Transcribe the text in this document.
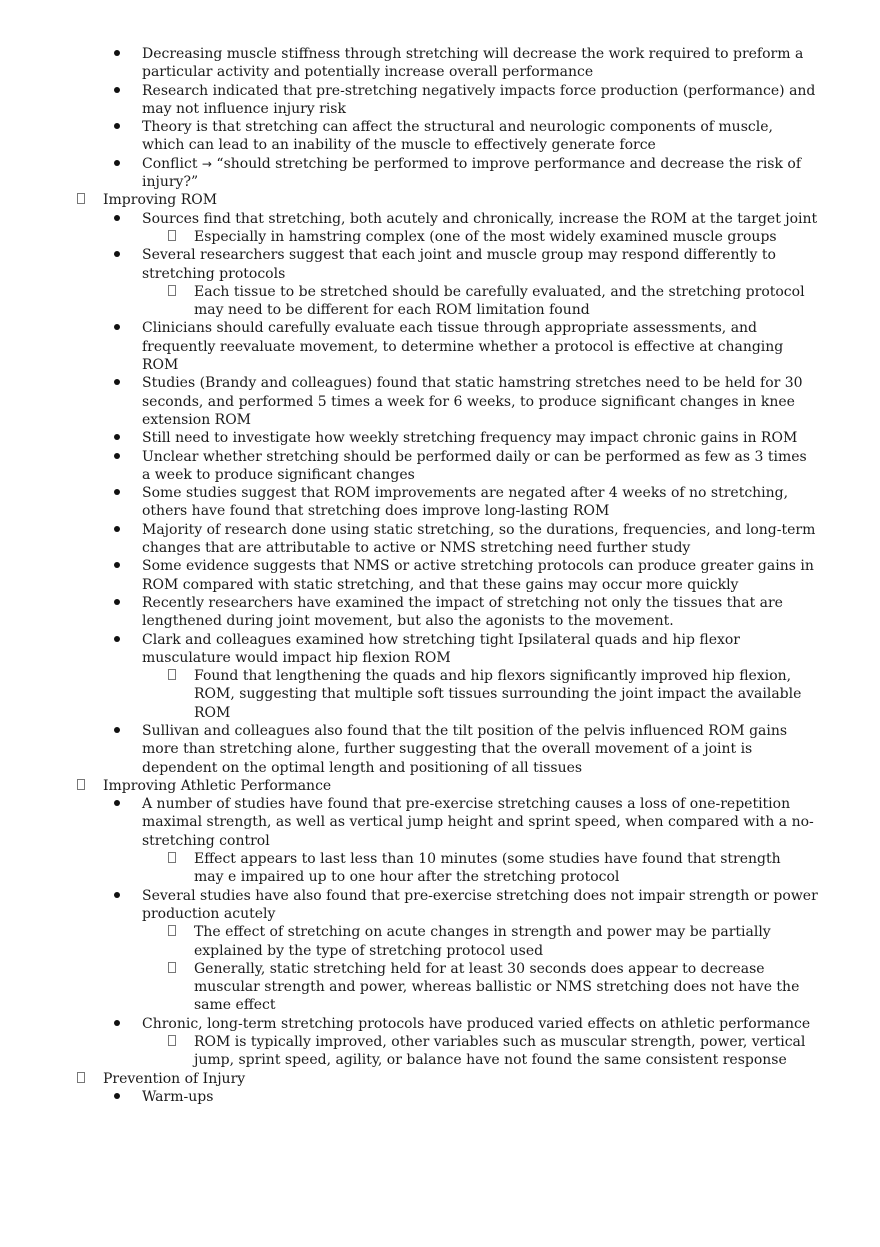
Decreasing muscle stiffness through stretching will decrease the work required to preform a particular activity and potentially increase overall performance
Research indicated that pre-stretching negatively impacts force production (performance) and may not influence injury risk
Theory is that stretching can affect the structural and neurologic components of muscle, which can lead to an inability of the muscle to effectively generate force
Conflict → “should stretching be performed to improve performance and decrease the risk of injury?”
Improving ROM
Sources find that stretching, both acutely and chronically, increase the ROM at the target joint
Especially in hamstring complex (one of the most widely examined muscle groups
Several researchers suggest that each joint and muscle group may respond differently to stretching protocols
Each tissue to be stretched should be carefully evaluated, and the stretching protocol may need to be different for each ROM limitation found
Clinicians should carefully evaluate each tissue through appropriate assessments, and frequently reevaluate movement, to determine whether a protocol is effective at changing ROM
Studies (Brandy and colleagues) found that static hamstring stretches need to be held for 30 seconds, and performed 5 times a week for 6 weeks, to produce significant changes in knee extension ROM
Still need to investigate how weekly stretching frequency may impact chronic gains in ROM
Unclear whether stretching should be performed daily or can be performed as few as 3 times a week to produce significant changes
Some studies suggest that ROM improvements are negated after 4 weeks of no stretching, others have found that stretching does improve long-lasting ROM
Majority of research done using static stretching, so the durations, frequencies, and long-term changes that are attributable to active or NMS stretching need further study
Some evidence suggests that NMS or active stretching protocols can produce greater gains in ROM compared with static stretching, and that these gains may occur more quickly
Recently researchers have examined the impact of stretching not only the tissues that are lengthened during joint movement, but also the agonists to the movement.
Clark and colleagues examined how stretching tight Ipsilateral quads and hip flexor musculature would impact hip flexion ROM
Found that lengthening the quads and hip flexors significantly improved hip flexion, ROM, suggesting that multiple soft tissues surrounding the joint impact the available ROM
Sullivan and colleagues also found that the tilt position of the pelvis influenced ROM gains more than stretching alone, further suggesting that the overall movement of a joint is dependent on the optimal length and positioning of all tissues
Improving Athletic Performance
A number of studies have found that pre-exercise stretching causes a loss of one-repetition maximal strength, as well as vertical jump height and sprint speed, when compared with a no-stretching control
Effect appears to last less than 10 minutes (some studies have found that strength may e impaired up to one hour after the stretching protocol
Several studies have also found that pre-exercise stretching does not impair strength or power production acutely
The effect of stretching on acute changes in strength and power may be partially explained by the type of stretching protocol used
Generally, static stretching held for at least 30 seconds does appear to decrease muscular strength and power, whereas ballistic or NMS stretching does not have the same effect
Chronic, long-term stretching protocols have produced varied effects on athletic performance
ROM is typically improved, other variables such as muscular strength, power, vertical jump, sprint speed, agility, or balance have not found the same consistent response
Prevention of Injury
Warm-ups
